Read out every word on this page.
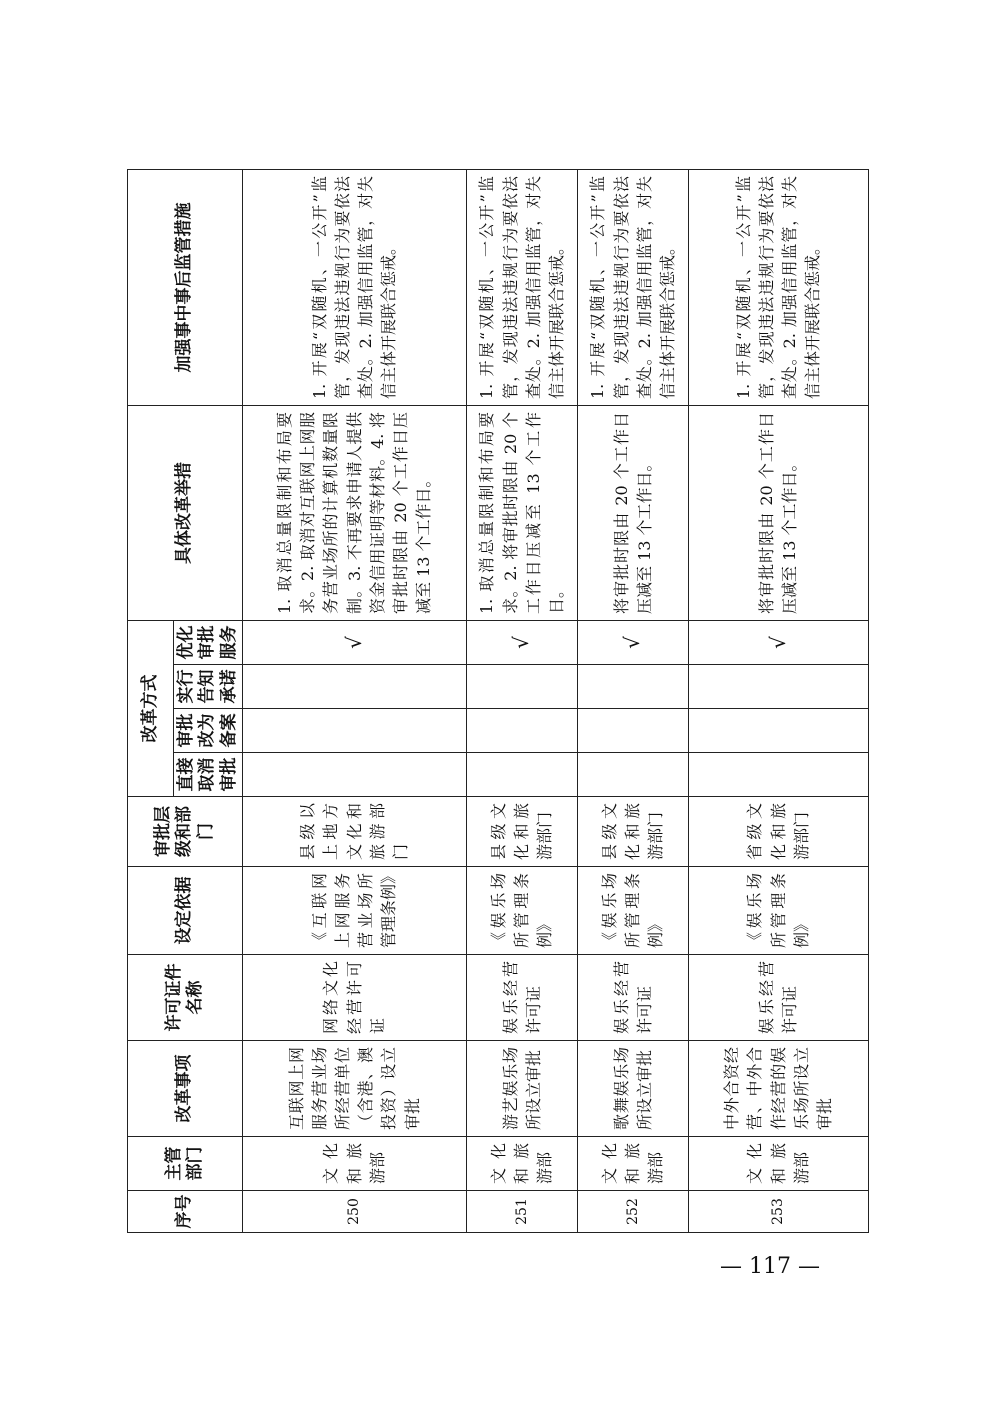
序号	主管部门	改革事项	许可证件名称	设定依据	审批层级和部门	改革方式				具体改革举措	加强事中事后监管措施
						直接取消审批	审批改为备案	实行告知承诺	优化审批服务		
250	文化和旅游部	互联网上网服务营业场所经营单位（含港、澳投资）设立审批	网络文化经营许可证	《互联网上网服务营业场所管理条例》	县级以上地方文化和旅游部门				√	1. 取消总量限制和布局要求。2. 取消对互联网上网服务营业场所的计算机数量限制。3. 不再要求申请人提供资金信用证明等材料。4. 将审批时限由 20 个工作日压减至 13 个工作日。	1. 开展“双随机、一公开”监管，发现违法违规行为要依法查处。2. 加强信用监管，对失信主体开展联合惩戒。
251	文化和旅游部	游艺娱乐场所设立审批	娱乐经营许可证	《娱乐场所管理条例》	县级文化和旅游部门				√	1. 取消总量限制和布局要求。2. 将审批时限由 20 个工作日压减至 13 个工作日。	1. 开展“双随机、一公开”监管，发现违法违规行为要依法查处。2. 加强信用监管，对失信主体开展联合惩戒。
252	文化和旅游部	歌舞娱乐场所设立审批	娱乐经营许可证	《娱乐场所管理条例》	县级文化和旅游部门				√	将审批时限由 20 个工作日压减至 13 个工作日。	1. 开展“双随机、一公开”监管，发现违法违规行为要依法查处。2. 加强信用监管，对失信主体开展联合惩戒。
253	文化和旅游部	中外合资经营、中外合作经营的娱乐场所设立审批	娱乐经营许可证	《娱乐场所管理条例》	省级文化和旅游部门				√	将审批时限由 20 个工作日压减至 13 个工作日。	1. 开展“双随机、一公开”监管，发现违法违规行为要依法查处。2. 加强信用监管，对失信主体开展联合惩戒。
— 117 —
